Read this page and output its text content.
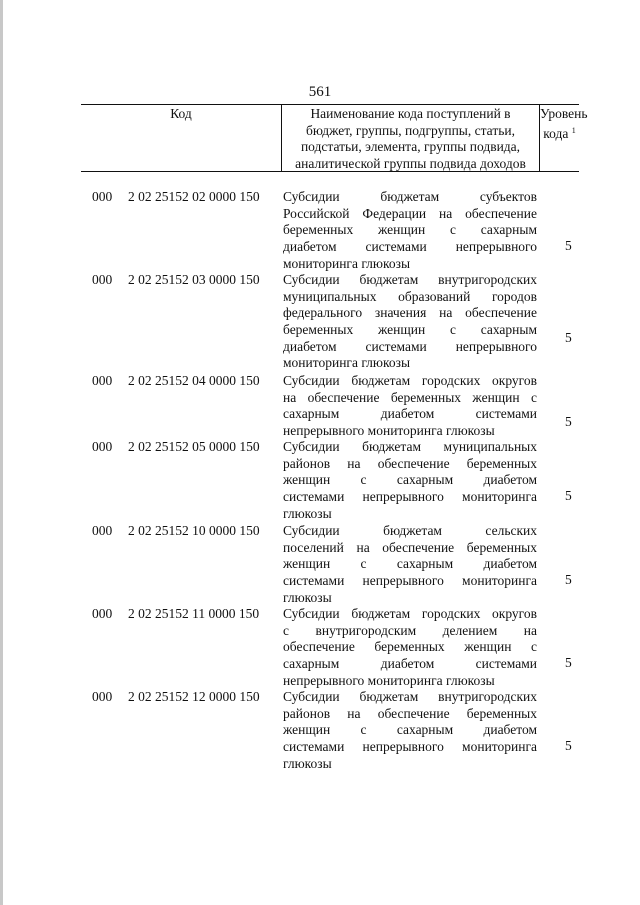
561
Код	Наименование кода поступлений в
бюджет, группы, подгруппы, статьи,
подстатьи, элемента, группы подвида,
аналитической группы подвида доходов
Уровень
кода $^1$
000 2 02 25152 02 0000 150 Субсидии бюджетам субъектов
Российской Федерации на обеспечение
беременных женщин с сахарным
диабетом системами непрерывного
мониторинга глюкозы
5
000 2 02 25152 03 0000 150 Субсидии бюджетам внутригородских
муниципальных образований городов
федерального значения на обеспечение
беременных женщин с сахарным
диабетом системами непрерывного
мониторинга глюкозы
5
000 2 02 25152 04 0000 150 Субсидии бюджетам городских округов
на обеспечение беременных женщин с
сахарным диабетом системами
непрерывного мониторинга глюкозы
5
000 2 02 25152 05 0000 150 Субсидии бюджетам муниципальных
районов на обеспечение беременных
женщин с сахарным диабетом
системами непрерывного мониторинга
глюкозы
5
000 2 02 25152 10 0000 150 Субсидии бюджетам сельских
поселений на обеспечение беременных
женщин с сахарным диабетом
системами непрерывного мониторинга
глюкозы
5
000 2 02 25152 11 0000 150 Субсидии бюджетам городских округов
с внутригородским делением на
обеспечение беременных женщин с
сахарным диабетом системами
непрерывного мониторинга глюкозы
5
000 2 02 25152 12 0000 150 Субсидии бюджетам внутригородских
районов на обеспечение беременных
женщин с сахарным диабетом
системами непрерывного мониторинга
глюкозы
5
